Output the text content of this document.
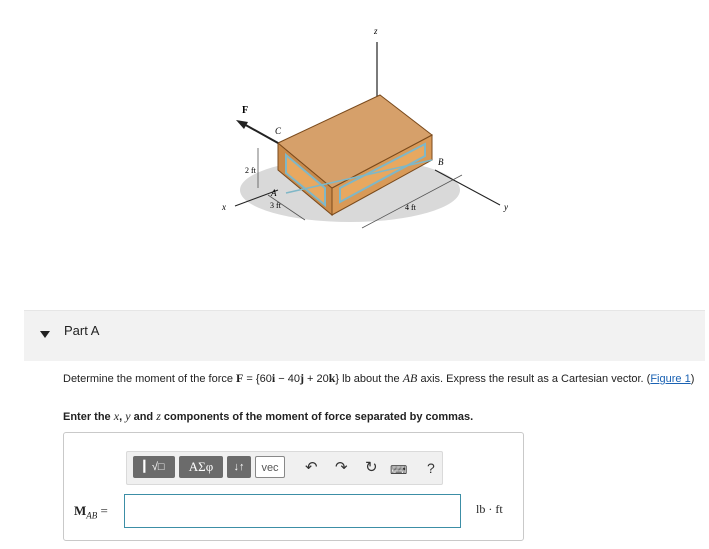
z
x	y
F
C
A
B
2 ft
3 ft	4 ft
Part A
Determine the moment of the force F = {60i − 40j + 20k} lb about the AB axis. Express the result as a Cartesian vector. (Figure 1)
Enter the x, y and z components of the moment of force separated by commas.
▎√□	ΑΣφ	↓↑	vec	↶ ↷ ↻ ⌨ ?
$M_{AB}$ =	lb · ft
